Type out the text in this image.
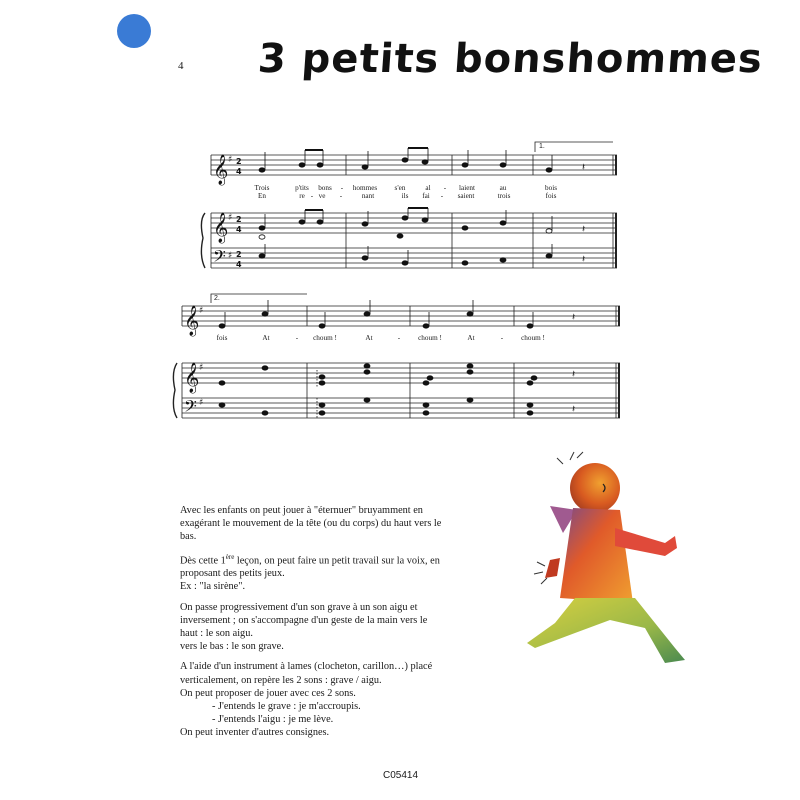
4 3 petits bonshommes
𝄞
𝄞
𝄢
𝄞
𝄞
𝄢
♯
♯
♯
♯
♯
♯
2
4
2
4
2
4
𝄽
𝄽
𝄽
𝄽
𝄽
𝄽
1.
2.
Trois	p'tits bons - hommes s'en	al - laient	au	bois
En	re - ve -	nant	ils fai - saient	trois	fois
fois	At	- choum !	At	- choum !	At	- choum !

Avec les enfants on peut jouer à "éternuer" bruyamment en exagérant le mouvement de la tête (ou du corps) du haut vers le bas.

Dès cette 1ère leçon, on peut faire un petit travail sur la voix, en proposant des petits jeux.
Ex : "la sirène".

On passe progressivement d'un son grave à un son aigu et inversement ; on s'accompagne d'un geste de la main vers le haut : le son aigu.
vers le bas : le son grave.

A l'aide d'un instrument à lames (clocheton, carillon…) placé verticalement, on repère les 2 sons : grave / aigu.
On peut proposer de jouer avec ces 2 sons.
- J'entends le grave : je m'accroupis.
- J'entends l'aigu : je me lève.
On peut inventer d'autres consignes.

C05414
